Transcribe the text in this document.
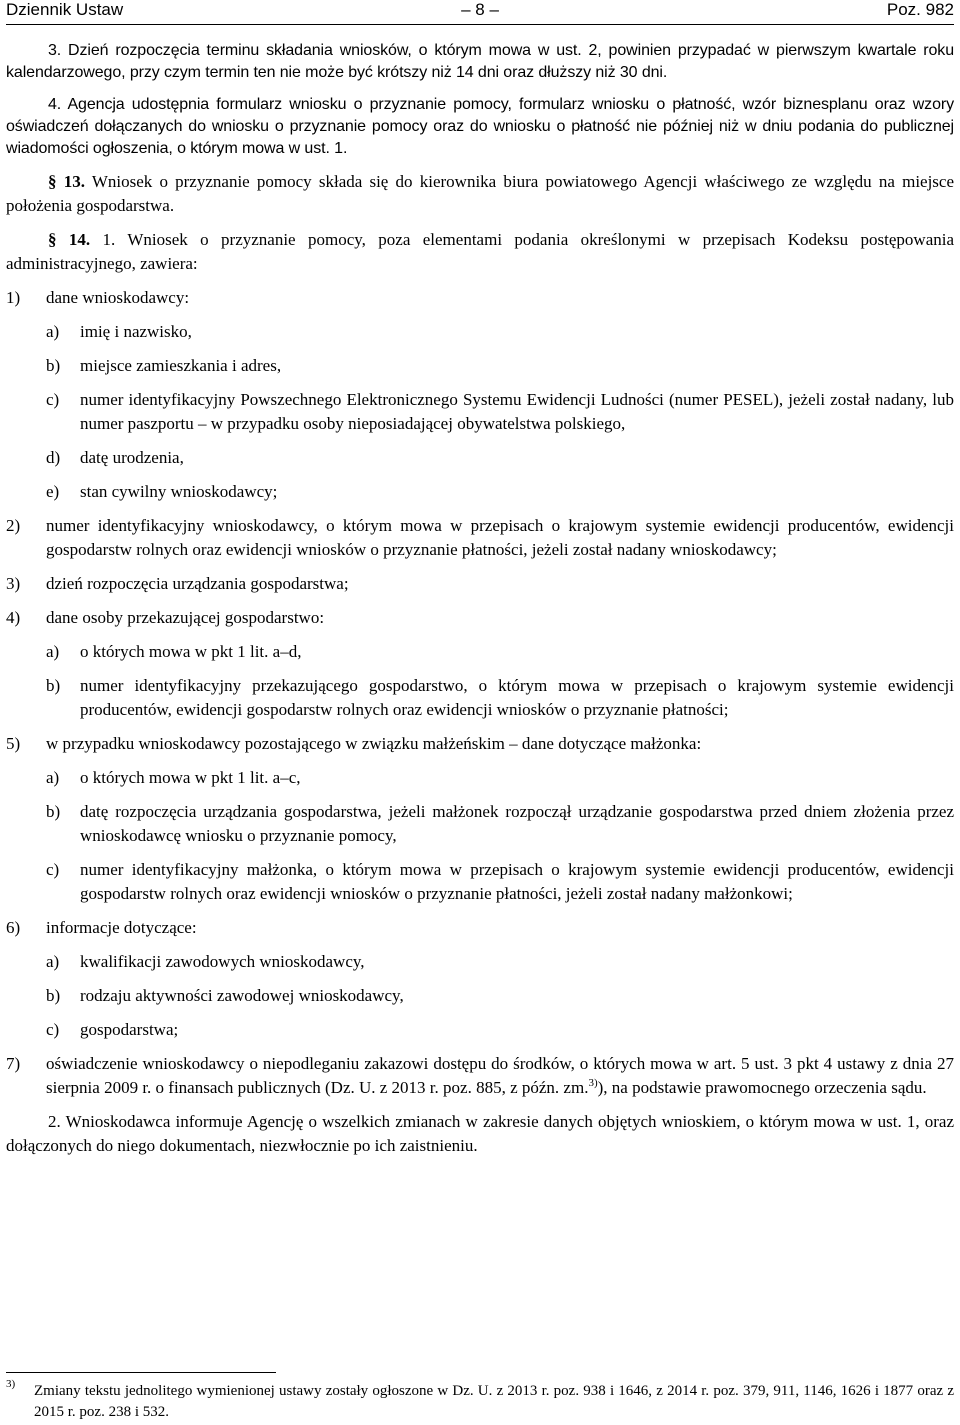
Dziennik Ustaw	– 8 –	Poz. 982

3. Dzień rozpoczęcia terminu składania wniosków, o którym mowa w ust. 2, powinien przypadać w pierwszym kwartale roku kalendarzowego, przy czym termin ten nie może być krótszy niż 14 dni oraz dłuższy niż 30 dni.

4. Agencja udostępnia formularz wniosku o przyznanie pomocy, formularz wniosku o płatność, wzór biznesplanu oraz wzory oświadczeń dołączanych do wniosku o przyznanie pomocy oraz do wniosku o płatność nie później niż w dniu podania do publicznej wiadomości ogłoszenia, o którym mowa w ust. 1.

§ 13. Wniosek o przyznanie pomocy składa się do kierownika biura powiatowego Agencji właściwego ze względu na miejsce położenia gospodarstwa.

§ 14. 1. Wniosek o przyznanie pomocy, poza elementami podania określonymi w przepisach Kodeksu postępowania administracyjnego, zawiera:

1) dane wnioskodawcy:
a) imię i nazwisko,
b) miejsce zamieszkania i adres,
c) numer identyfikacyjny Powszechnego Elektronicznego Systemu Ewidencji Ludności (numer PESEL), jeżeli został nadany, lub numer paszportu – w przypadku osoby nieposiadającej obywatelstwa polskiego,
d) datę urodzenia,
e) stan cywilny wnioskodawcy;
2) numer identyfikacyjny wnioskodawcy, o którym mowa w przepisach o krajowym systemie ewidencji producentów, ewidencji gospodarstw rolnych oraz ewidencji wniosków o przyznanie płatności, jeżeli został nadany wnioskodawcy;
3) dzień rozpoczęcia urządzania gospodarstwa;
4) dane osoby przekazującej gospodarstwo:
a) o których mowa w pkt 1 lit. a–d,
b) numer identyfikacyjny przekazującego gospodarstwo, o którym mowa w przepisach o krajowym systemie ewidencji producentów, ewidencji gospodarstw rolnych oraz ewidencji wniosków o przyznanie płatności;
5) w przypadku wnioskodawcy pozostającego w związku małżeńskim – dane dotyczące małżonka:
a) o których mowa w pkt 1 lit. a–c,
b) datę rozpoczęcia urządzania gospodarstwa, jeżeli małżonek rozpoczął urządzanie gospodarstwa przed dniem złożenia przez wnioskodawcę wniosku o przyznanie pomocy,
c) numer identyfikacyjny małżonka, o którym mowa w przepisach o krajowym systemie ewidencji producentów, ewidencji gospodarstw rolnych oraz ewidencji wniosków o przyznanie płatności, jeżeli został nadany małżonkowi;
6) informacje dotyczące:
a) kwalifikacji zawodowych wnioskodawcy,
b) rodzaju aktywności zawodowej wnioskodawcy,
c) gospodarstwa;
7) oświadczenie wnioskodawcy o niepodleganiu zakazowi dostępu do środków, o których mowa w art. 5 ust. 3 pkt 4 ustawy z dnia 27 sierpnia 2009 r. o finansach publicznych (Dz. U. z 2013 r. poz. 885, z późn. zm.$^{3)}$), na podstawie prawomocnego orzeczenia sądu.

2. Wnioskodawca informuje Agencję o wszelkich zmianach w zakresie danych objętych wnioskiem, o którym mowa w ust. 1, oraz dołączonych do niego dokumentach, niezwłocznie po ich zaistnieniu.

3) Zmiany tekstu jednolitego wymienionej ustawy zostały ogłoszone w Dz. U. z 2013 r. poz. 938 i 1646, z 2014 r. poz. 379, 911, 1146, 1626 i 1877 oraz z 2015 r. poz. 238 i 532.
